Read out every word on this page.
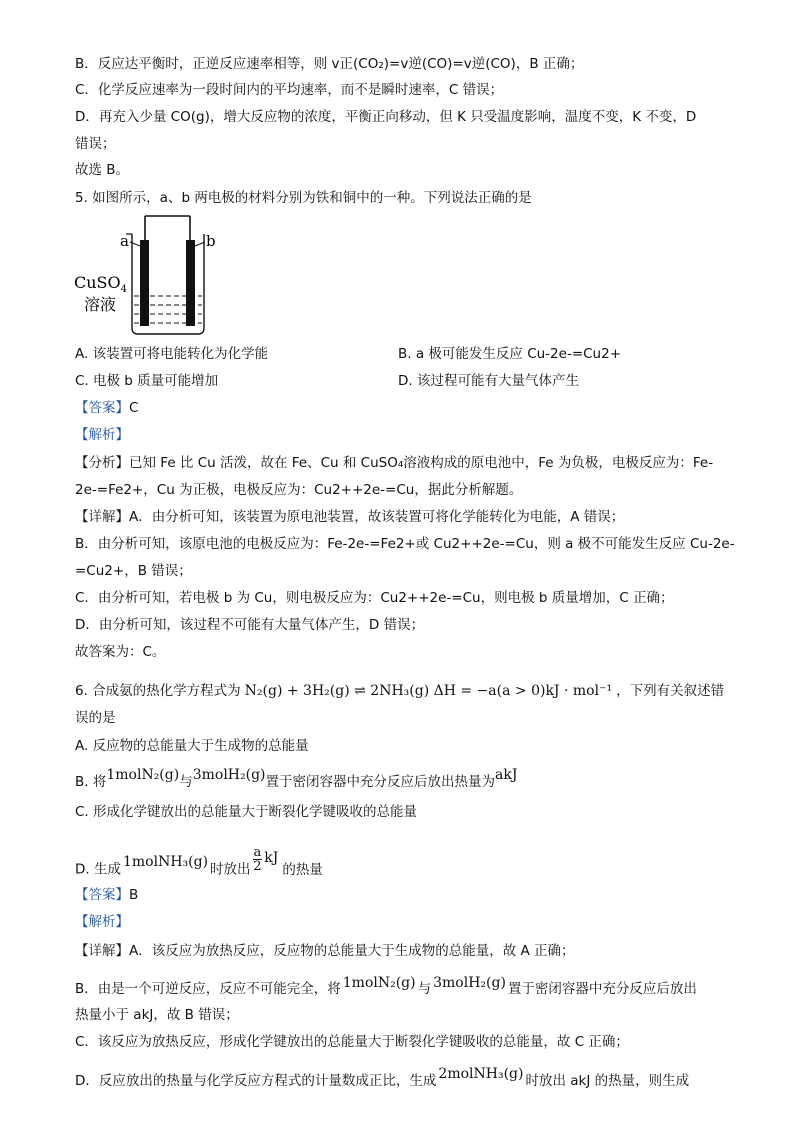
B．反应达平衡时，正逆反应速率相等，则 v正(CO₂)=v逆(CO)=v逆(CO)，B 正确；
C．化学反应速率为一段时间内的平均速率，而不是瞬时速率，C 错误；
D．再充入少量 CO(g)，增大反应物的浓度，平衡正向移动，但 K 只受温度影响，温度不变，K 不变，D
错误；
故选 B。
5. 如图所示，a、b 两电极的材料分别为铁和铜中的一种。下列说法正确的是
a	b
CuSO$_4$
溶液
A. 该装置可将电能转化为化学能	B. a 极可能发生反应 Cu-2e-=Cu2+
C. 电极 b 质量可能增加	D. 该过程可能有大量气体产生
【答案】C
【解析】
【分析】已知 Fe 比 Cu 活泼，故在 Fe、Cu 和 CuSO₄溶液构成的原电池中，Fe 为负极，电极反应为：Fe-
2e-=Fe2+，Cu 为正极，电极反应为：Cu2++2e-=Cu，据此分析解题。
【详解】A．由分析可知，该装置为原电池装置，故该装置可将化学能转化为电能，A 错误；
B．由分析可知，该原电池的电极反应为：Fe-2e-=Fe2+或 Cu2++2e-=Cu，则 a 极不可能发生反应 Cu-2e-
=Cu2+，B 错误；
C．由分析可知，若电极 b 为 Cu，则电极反应为：Cu2++2e-=Cu，则电极 b 质量增加，C 正确；
D．由分析可知，该过程不可能有大量气体产生，D 错误；
故答案为：C。
6. 合成氨的热化学方程式为 N₂(g) + 3H₂(g) ⇌ 2NH₃(g) ΔH = −a(a > 0)kJ · mol⁻¹ ，下列有关叙述错
误的是
A. 反应物的总能量大于生成物的总能量
B. 将1molN₂(g)与3molH₂(g)置于密闭容器中充分反应后放出热量为akJ
C. 形成化学键放出的总能量大于断裂化学键吸收的总能量
D. 生成 1molNH₃(g) 时放出 $\frac{a}{2}$ kJ的热量
【答案】B
【解析】
【详解】A．该反应为放热反应，反应物的总能量大于生成物的总能量，故 A 正确；
B．由是一个可逆反应，反应不可能完全，将 1molN₂(g) 与 3molH₂(g) 置于密闭容器中充分反应后放出
热量小于 akJ，故 B 错误；
C．该反应为放热反应，形成化学键放出的总能量大于断裂化学键吸收的总能量，故 C 正确；
D．反应放出的热量与化学反应方程式的计量数成正比，生成 2molNH₃(g) 时放出 akJ 的热量，则生成
